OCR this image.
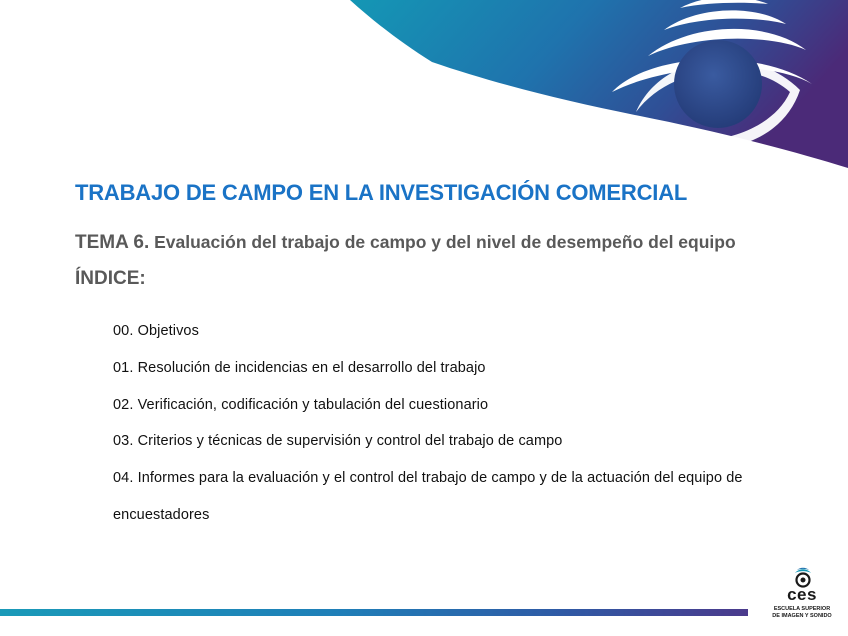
TRABAJO DE CAMPO EN LA INVESTIGACIÓN COMERCIAL

TEMA 6. Evaluación del trabajo de campo y del nivel de desempeño del equipo

ÍNDICE:

00. Objetivos
01. Resolución de incidencias en el desarrollo del trabajo
02. Verificación, codificación y tabulación del cuestionario
03. Criterios y técnicas de supervisión y control del trabajo de campo
04. Informes para la evaluación y el control del trabajo de campo y de la actuación del equipo de encuestadores
ces
ESCUELA SUPERIOR
DE IMAGEN Y SONIDO
